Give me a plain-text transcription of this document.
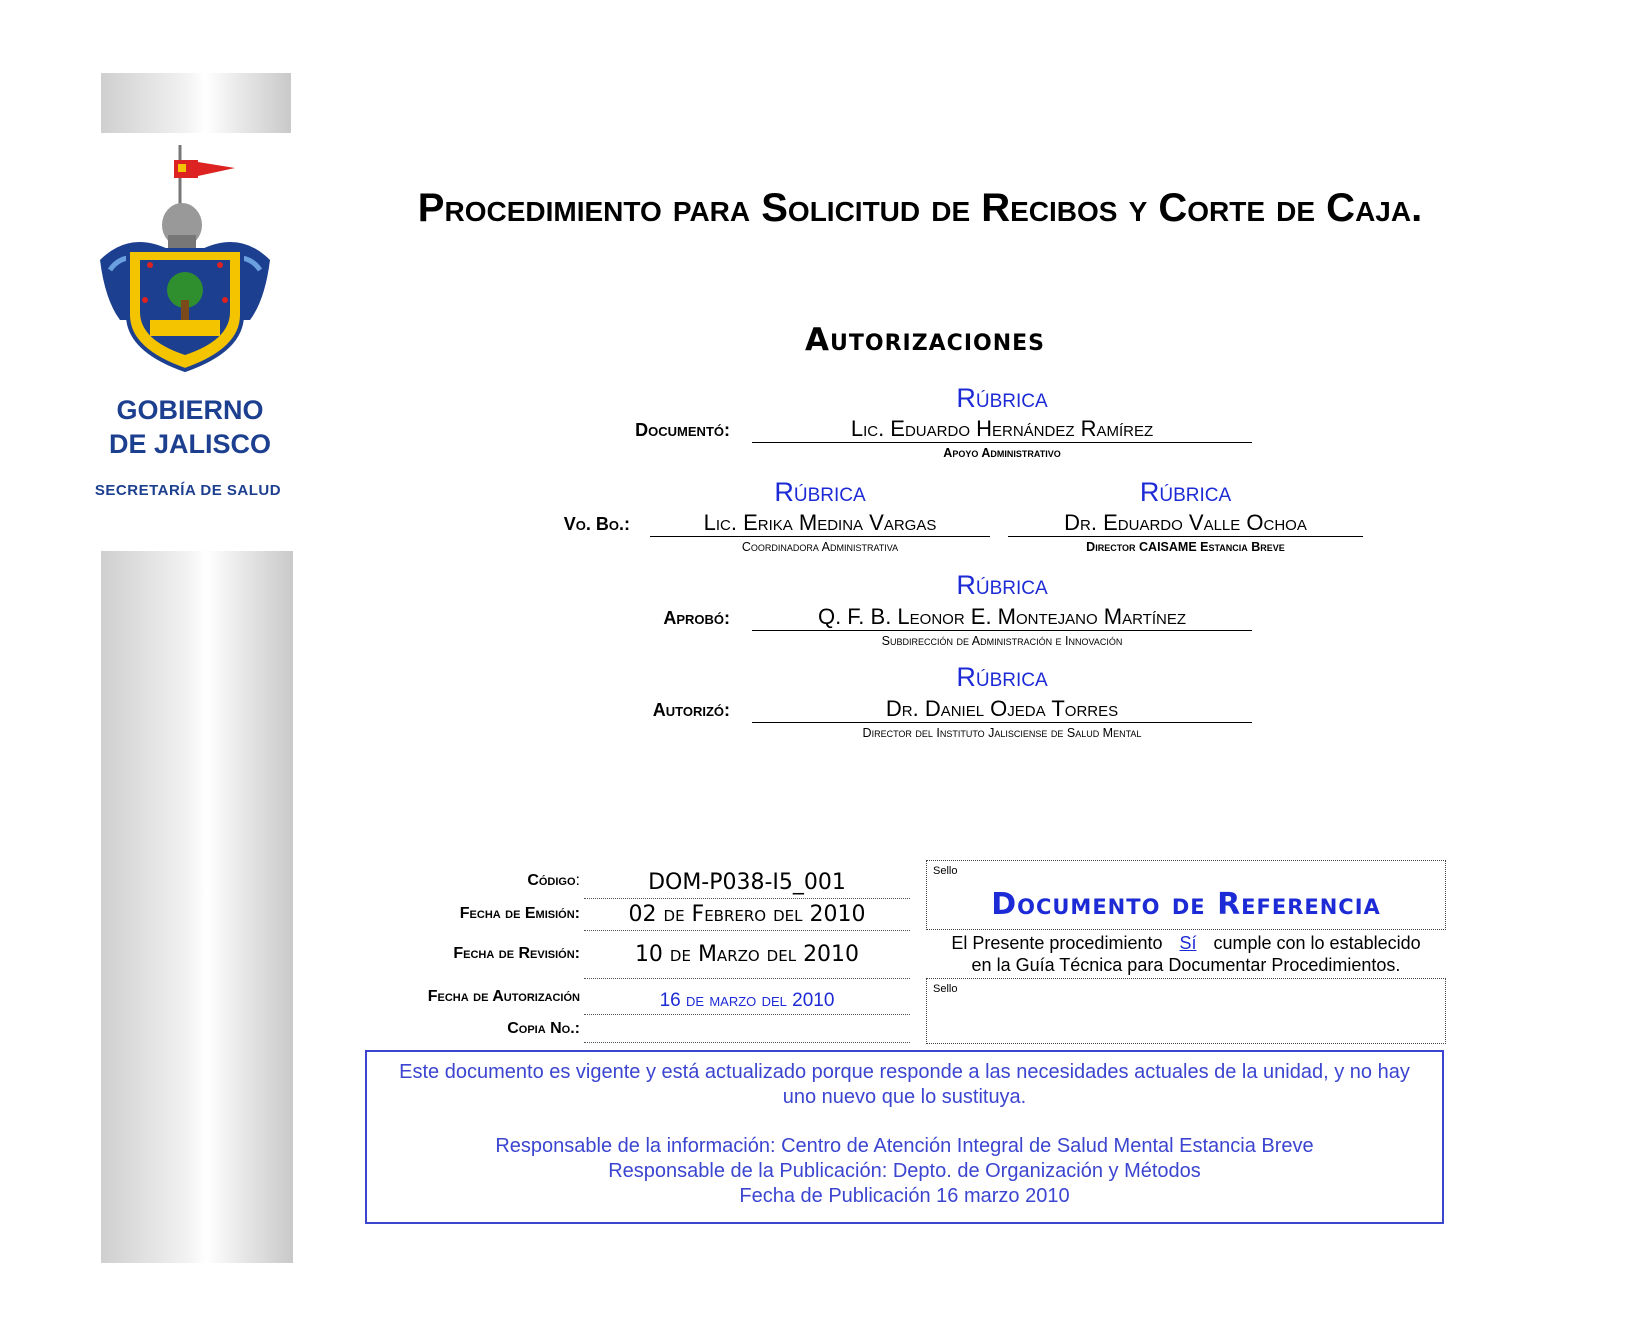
GOBIERNO
DE JALISCO
SECRETARÍA DE SALUD
Procedimiento para Solicitud de Recibos y Corte de Caja.
Autorizaciones
Rúbrica
Documentó:	Lic. Eduardo Hernández Ramírez
Apoyo Administrativo
Rúbrica	Rúbrica
Vo. Bo.:	Lic. Erika Medina Vargas	Dr. Eduardo Valle Ochoa
Coordinadora Administrativa	Director CAISAME Estancia Breve
Rúbrica
Aprobó:	Q. F. B. Leonor E. Montejano Martínez
Subdirección de Administración e Innovación
Rúbrica
Autorizó:	Dr. Daniel Ojeda Torres
Director del Instituto Jalisciense de Salud Mental
Código:	DOM-P038-I5_001
Fecha de Emisión:	02 de Febrero del 2010
Fecha de Revisión:	10 de Marzo del 2010
Fecha de Autorización	16 de marzo del 2010
Copia No.:
Sello
Documento de Referencia
El Presente procedimiento Sí cumple con lo establecido
en la Guía Técnica para Documentar Procedimientos.
Sello

Este documento es vigente y está actualizado porque responde a las necesidades actuales de la unidad, y no hay uno nuevo que lo sustituya.

Responsable de la información: Centro de Atención Integral de Salud Mental Estancia Breve

Responsable de la Publicación: Depto. de Organización y Métodos

Fecha de Publicación 16 marzo 2010
